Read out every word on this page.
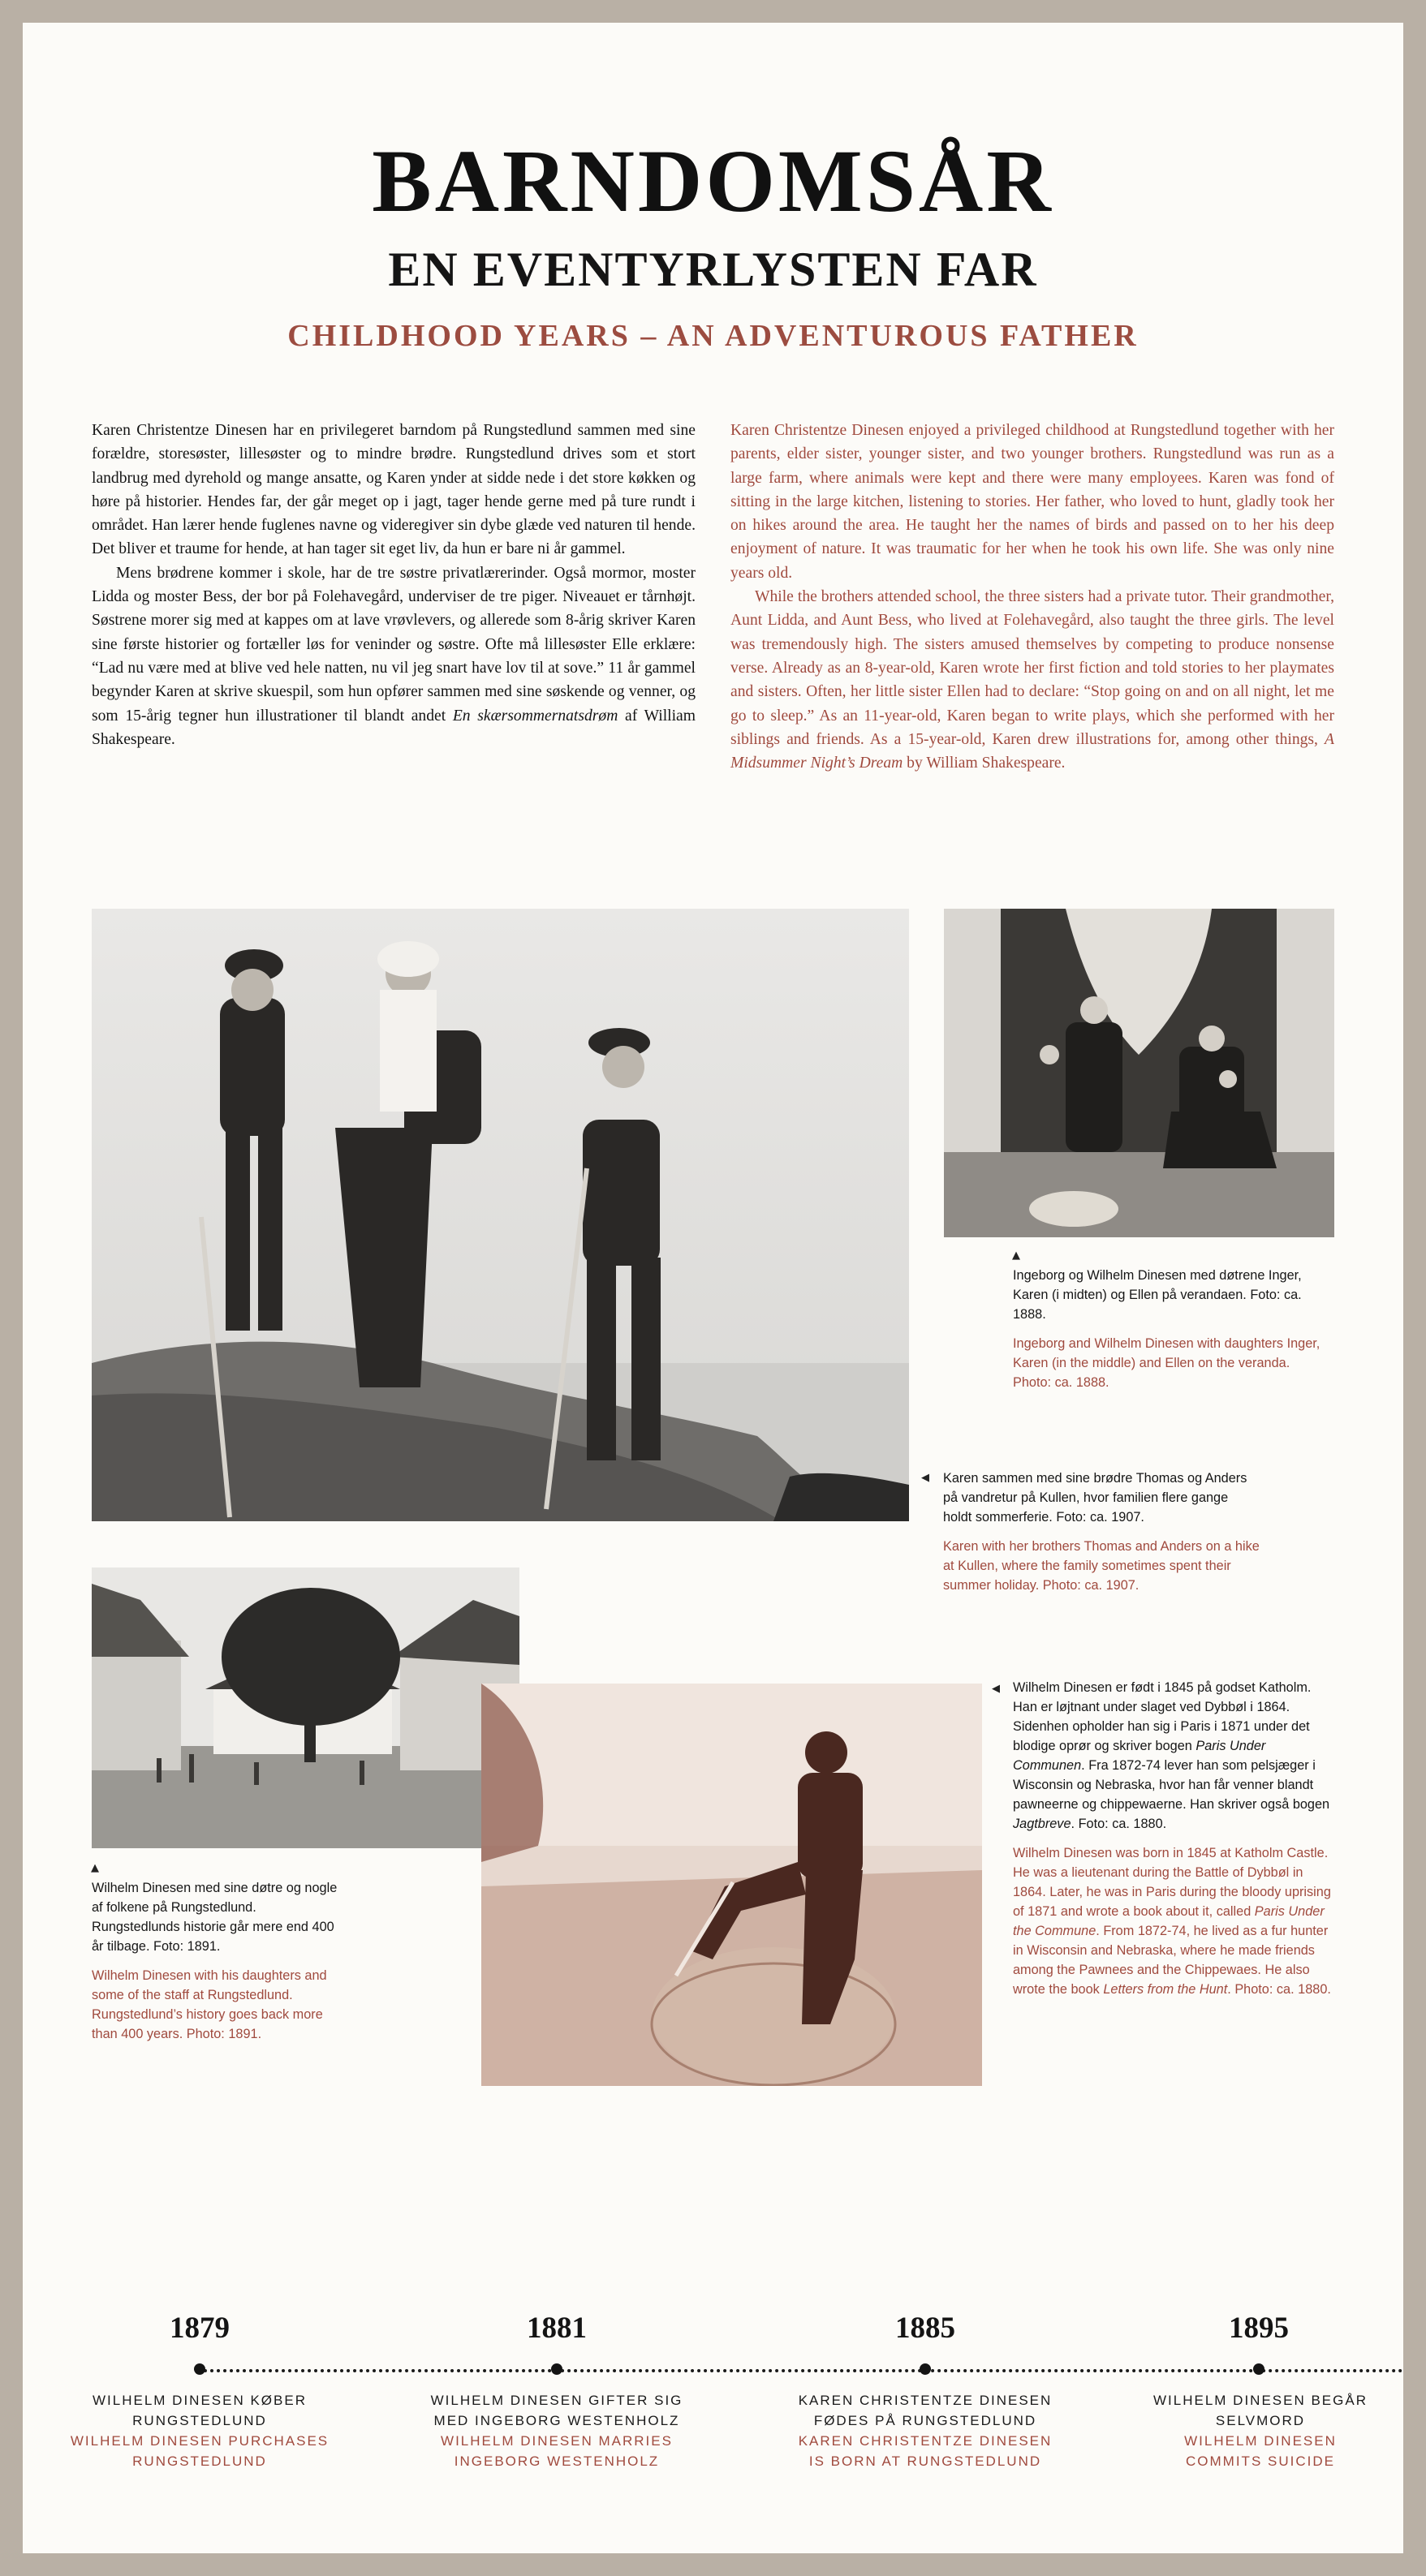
BARNDOMSÅR
EN EVENTYRLYSTEN FAR
CHILDHOOD YEARS – AN ADVENTUROUS FATHER

Karen Christentze Dinesen har en privilegeret barndom på Rungstedlund sammen med sine forældre, storesøster, lillesøster og to mindre brødre. Rungstedlund drives som et stort landbrug med dyrehold og mange ansatte, og Karen ynder at sidde nede i det store køkken og høre på historier. Hendes far, der går meget op i jagt, tager hende gerne med på ture rundt i området. Han lærer hende fuglenes navne og videregiver sin dybe glæde ved naturen til hende. Det bliver et traume for hende, at han tager sit eget liv, da hun er bare ni år gammel.

Mens brødrene kommer i skole, har de tre søstre privatlærerinder. Også mormor, moster Lidda og moster Bess, der bor på Folehavegård, underviser de tre piger. Niveauet er tårnhøjt. Søstrene morer sig med at kappes om at lave vrøvlevers, og allerede som 8-årig skriver Karen sine første historier og fortæller løs for veninder og søstre. Ofte må lillesøster Elle erklære: “Lad nu være med at blive ved hele natten, nu vil jeg snart have lov til at sove.” 11 år gammel begynder Karen at skrive skuespil, som hun opfører sammen med sine søskende og venner, og som 15-årig tegner hun illustrationer til blandt andet En skærsommernatsdrøm af William Shakespeare.

Karen Christentze Dinesen enjoyed a privileged childhood at Rungstedlund together with her parents, elder sister, younger sister, and two younger brothers. Rungstedlund was run as a large farm, where animals were kept and there were many employees. Karen was fond of sitting in the large kitchen, listening to stories. Her father, who loved to hunt, gladly took her on hikes around the area. He taught her the names of birds and passed on to her his deep enjoyment of nature. It was traumatic for her when he took his own life. She was only nine years old.

While the brothers attended school, the three sisters had a private tutor. Their grandmother, Aunt Lidda, and Aunt Bess, who lived at Folehavegård, also taught the three girls. The level was tremendously high. The sisters amused themselves by competing to produce nonsense verse. Already as an 8-year-old, Karen wrote her first fiction and told stories to her playmates and sisters. Often, her little sister Ellen had to declare: “Stop going on and on all night, let me go to sleep.” As an 11-year-old, Karen began to write plays, which she performed with her siblings and friends. As a 15-year-old, Karen drew illustrations for, among other things, A Midsummer Night’s Dream by William Shakespeare.

▲
Ingeborg og Wilhelm Dinesen med døtrene Inger, Karen (i midten) og Ellen på verandaen. Foto: ca. 1888.
Ingeborg and Wilhelm Dinesen with daughters Inger, Karen (in the middle) and Ellen on the veranda. Photo: ca. 1888.
◀ Karen sammen med sine brødre Thomas og Anders på vandretur på Kullen, hvor familien flere gange holdt sommerferie. Foto: ca. 1907.
Karen with her brothers Thomas and Anders on a hike at Kullen, where the family sometimes spent their summer holiday. Photo: ca. 1907.
▲
Wilhelm Dinesen med sine døtre og nogle af folkene på Rungstedlund. Rungstedlunds historie går mere end 400 år tilbage. Foto: 1891.
Wilhelm Dinesen with his daughters and some of the staff at Rungstedlund. Rungstedlund’s history goes back more than 400 years. Photo: 1891.
◀ Wilhelm Dinesen er født i 1845 på godset Katholm. Han er løjtnant under slaget ved Dybbøl i 1864. Sidenhen opholder han sig i Paris i 1871 under det blodige oprør og skriver bogen Paris Under Communen. Fra 1872-74 lever han som pelsjæger i Wisconsin og Nebraska, hvor han får venner blandt pawneerne og chippewaerne. Han skriver også bogen Jagtbreve. Foto: ca. 1880.
Wilhelm Dinesen was born in 1845 at Katholm Castle. He was a lieutenant during the Battle of Dybbøl in 1864. Later, he was in Paris during the bloody uprising of 1871 and wrote a book about it, called Paris Under the Commune. From 1872-74, he lived as a fur hunter in Wisconsin and Nebraska, where he made friends among the Pawnees and the Chippewaes. He also wrote the book Letters from the Hunt. Photo: ca. 1880.
1879
WILHELM DINESEN KØBER RUNGSTEDLUND
WILHELM DINESEN PURCHASES RUNGSTEDLUND
1881
WILHELM DINESEN GIFTER SIG MED INGEBORG WESTENHOLZ
WILHELM DINESEN MARRIES INGEBORG WESTENHOLZ
1885
KAREN CHRISTENTZE DINESEN FØDES PÅ RUNGSTEDLUND
KAREN CHRISTENTZE DINESEN IS BORN AT RUNGSTEDLUND
1895
WILHELM DINESEN BEGÅR SELVMORD
WILHELM DINESEN COMMITS SUICIDE
